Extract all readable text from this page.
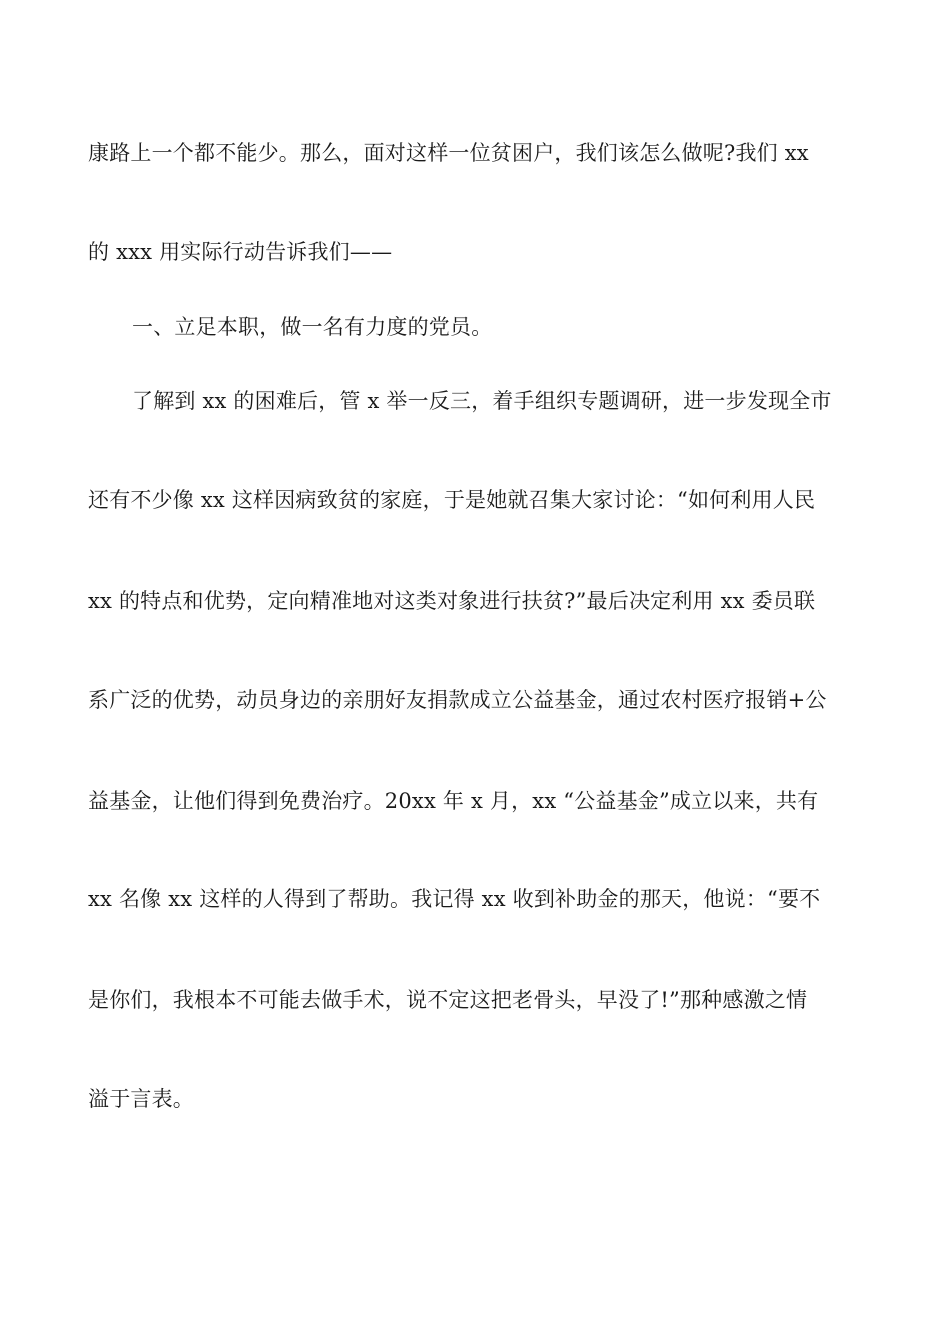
康路上一个都不能少。那么，面对这样一位贫困户，我们该怎么做呢?我们 xx
的 xxx 用实际行动告诉我们——
一、立足本职，做一名有力度的党员。
了解到 xx 的困难后，管 x 举一反三，着手组织专题调研，进一步发现全市
还有不少像 xx 这样因病致贫的家庭，于是她就召集大家讨论：“如何利用人民
xx 的特点和优势，定向精准地对这类对象进行扶贫?”最后决定利用 xx 委员联
系广泛的优势，动员身边的亲朋好友捐款成立公益基金，通过农村医疗报销+公
益基金，让他们得到免费治疗。20xx 年 x 月，xx “公益基金”成立以来，共有
xx 名像 xx 这样的人得到了帮助。我记得 xx 收到补助金的那天，他说：“要不
是你们，我根本不可能去做手术，说不定这把老骨头，早没了!”那种感激之情
溢于言表。
